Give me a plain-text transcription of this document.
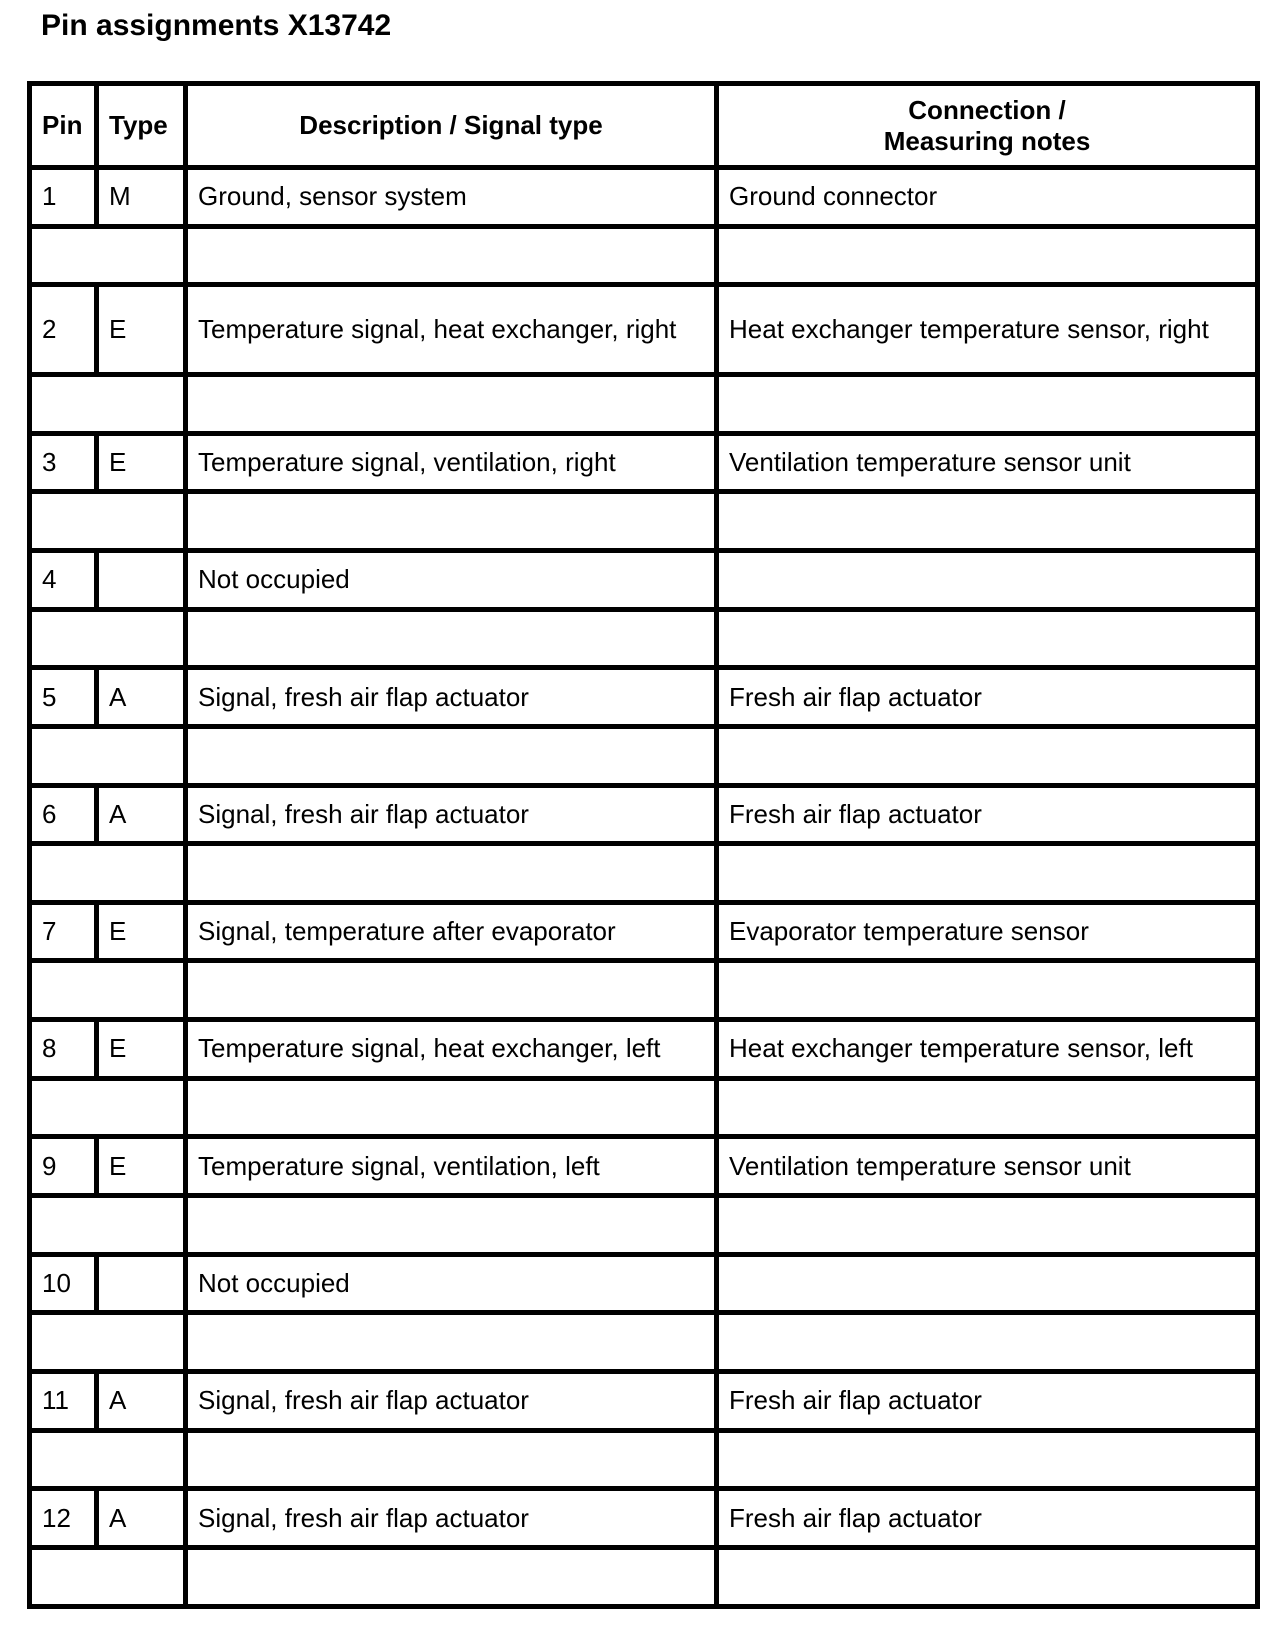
Pin assignments X13742
Pin	Type	Description / Signal type	Connection /
Measuring notes
1	M	Ground, sensor system	Ground connector

2	E	Temperature signal, heat exchanger, right	Heat exchanger temperature sensor, right

3	E	Temperature signal, ventilation, right	Ventilation temperature sensor unit

4		Not occupied	

5	A	Signal, fresh air flap actuator	Fresh air flap actuator

6	A	Signal, fresh air flap actuator	Fresh air flap actuator

7	E	Signal, temperature after evaporator	Evaporator temperature sensor

8	E	Temperature signal, heat exchanger, left	Heat exchanger temperature sensor, left

9	E	Temperature signal, ventilation, left	Ventilation temperature sensor unit

10		Not occupied	

11	A	Signal, fresh air flap actuator	Fresh air flap actuator

12	A	Signal, fresh air flap actuator	Fresh air flap actuator
